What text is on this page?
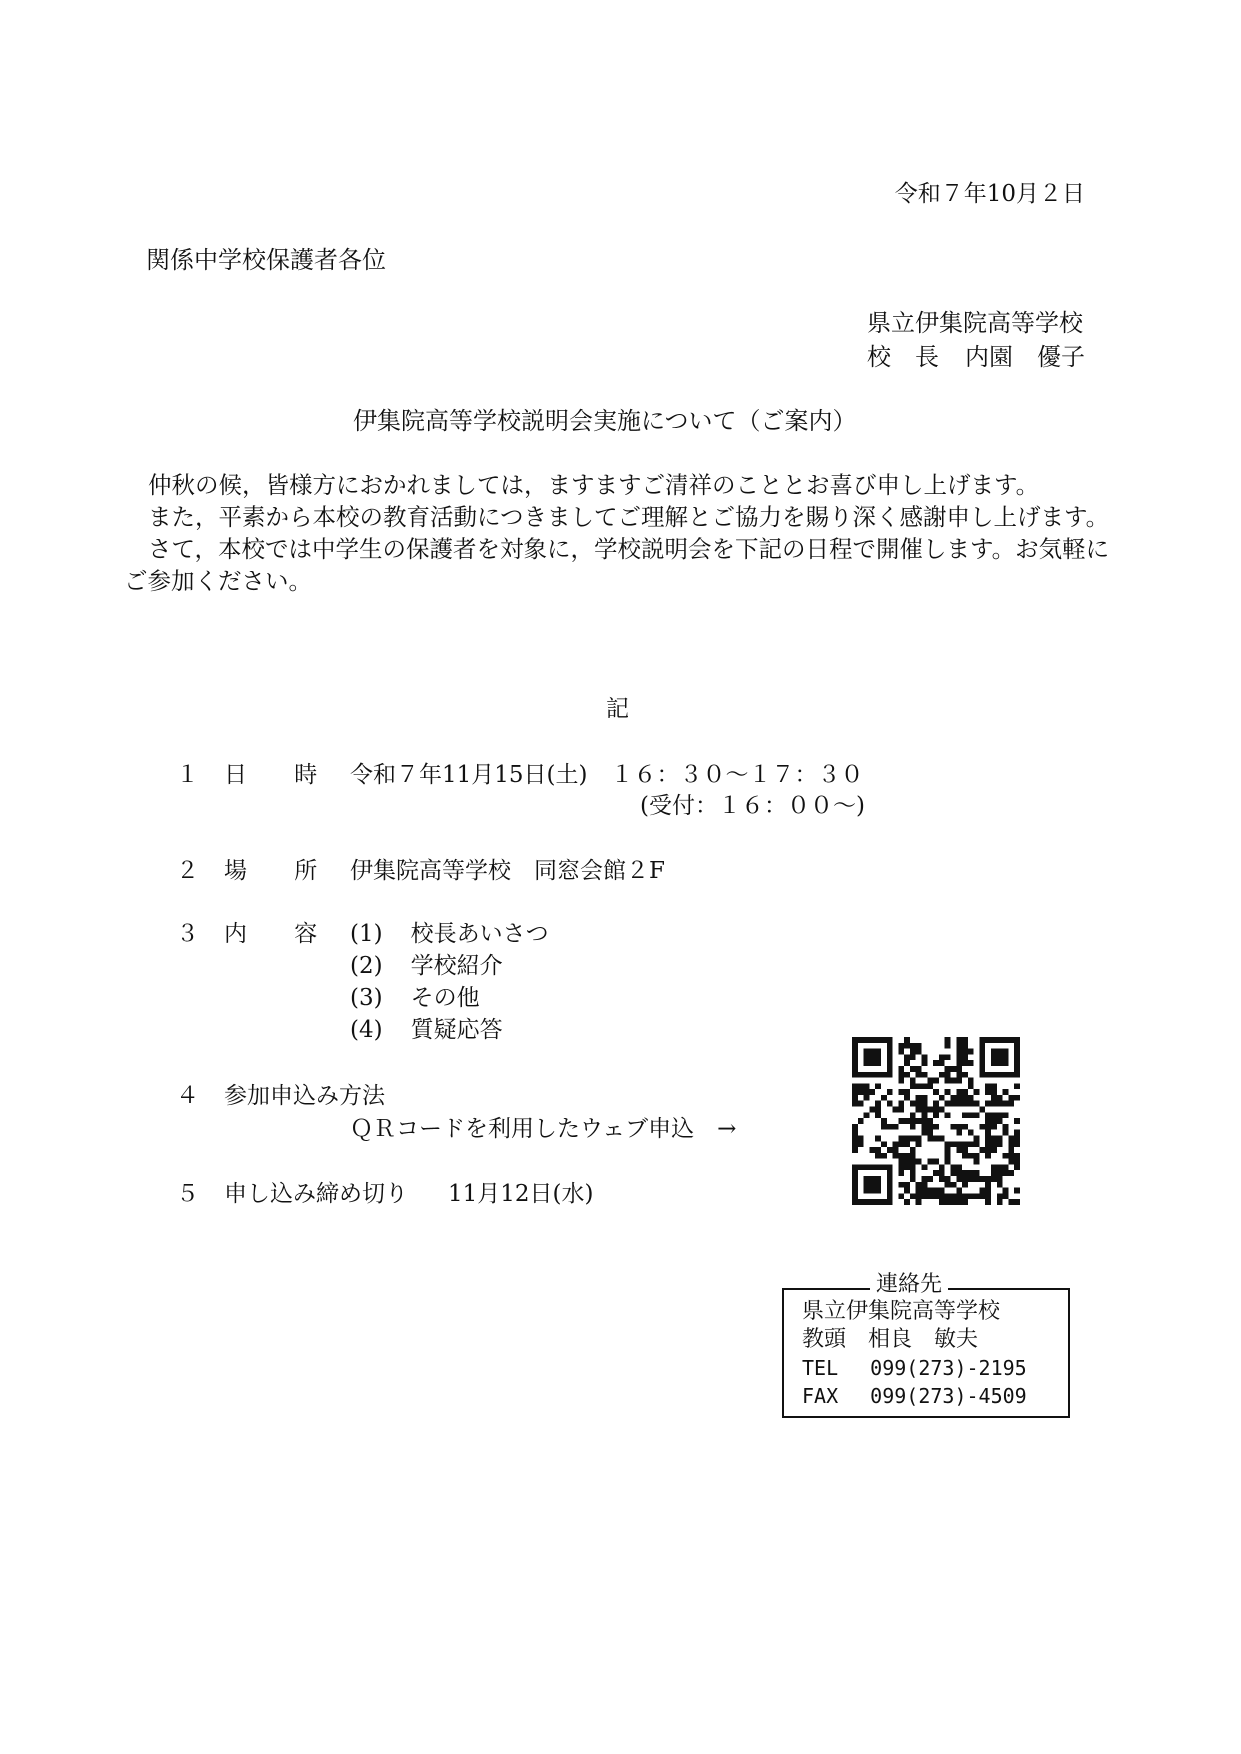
令和７年10月２日
関係中学校保護者各位
県立伊集院高等学校
校　長 内園　優子
伊集院高等学校説明会実施について（ご案内）

仲秋の候，皆様方におかれましては，ますますご清祥のこととお喜び申し上げます。

また，平素から本校の教育活動につきましてご理解とご協力を賜り深く感謝申し上げます。

さて，本校では中学生の保護者を対象に，学校説明会を下記の日程で開催します。お気軽にご参加ください。

記
１ 日 時 令和７年11月15日(土)　１６：３０～１７：３０
(受付：１６：００～)
２ 場 所 伊集院高等学校　同窓会館２F
３ 内 容 (1) 校長あいさつ
(2) 学校紹介
(3) その他
(4) 質疑応答
４ 参加申込み方法
ＱＲコードを利用したウェブ申込　→
５ 申し込み締め切り 11月12日(水)
連絡先
県立伊集院高等学校
教頭　相良　敏夫
TEL　 099(273)-2195
FAX　 099(273)-4509
